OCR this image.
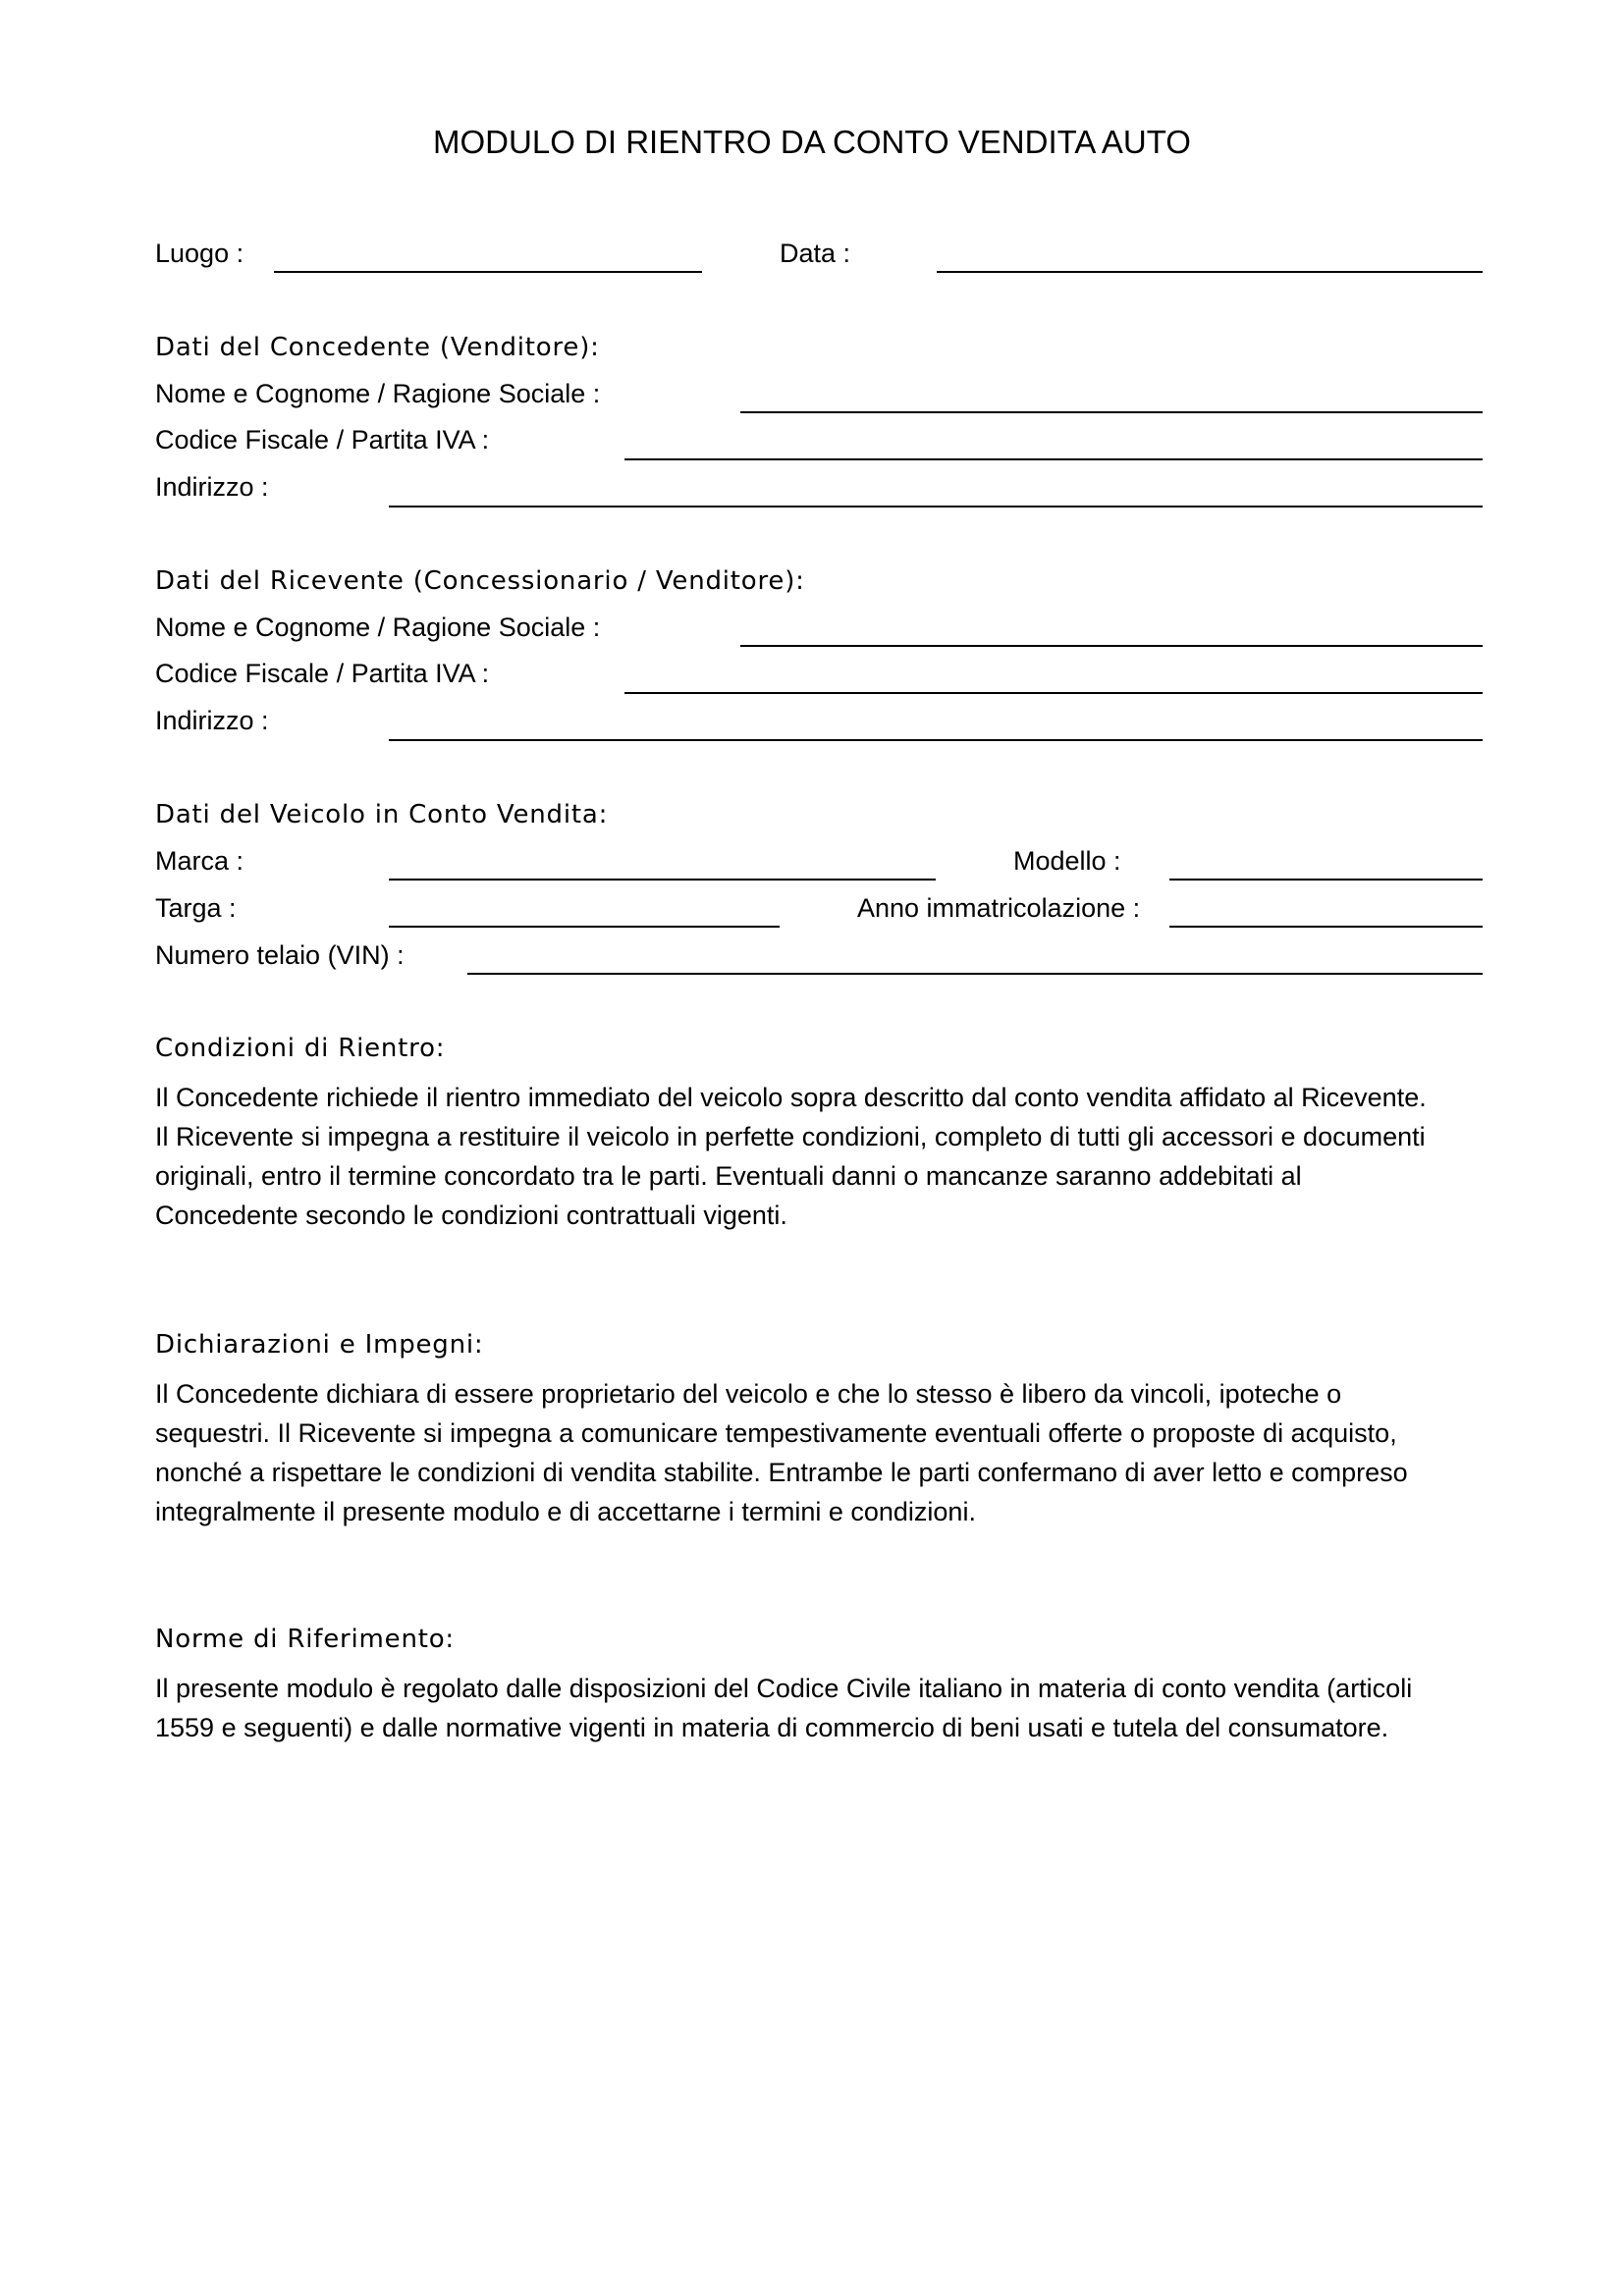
MODULO DI RIENTRO DA CONTO VENDITA AUTO
Luogo :	Data :
Dati del Concedente (Venditore):
Nome e Cognome / Ragione Sociale :
Codice Fiscale / Partita IVA :
Indirizzo :
Dati del Ricevente (Concessionario / Venditore):
Nome e Cognome / Ragione Sociale :
Codice Fiscale / Partita IVA :
Indirizzo :
Dati del Veicolo in Conto Vendita:
Marca :	Modello :
Targa :	Anno immatricolazione :
Numero telaio (VIN) :
Condizioni di Rientro:
Il Concedente richiede il rientro immediato del veicolo sopra descritto dal conto vendita affidato al Ricevente.
Il Ricevente si impegna a restituire il veicolo in perfette condizioni, completo di tutti gli accessori e documenti
originali, entro il termine concordato tra le parti. Eventuali danni o mancanze saranno addebitati al
Concedente secondo le condizioni contrattuali vigenti.
Dichiarazioni e Impegni:
Il Concedente dichiara di essere proprietario del veicolo e che lo stesso è libero da vincoli, ipoteche o
sequestri. Il Ricevente si impegna a comunicare tempestivamente eventuali offerte o proposte di acquisto,
nonché a rispettare le condizioni di vendita stabilite. Entrambe le parti confermano di aver letto e compreso
integralmente il presente modulo e di accettarne i termini e condizioni.
Norme di Riferimento:
Il presente modulo è regolato dalle disposizioni del Codice Civile italiano in materia di conto vendita (articoli
1559 e seguenti) e dalle normative vigenti in materia di commercio di beni usati e tutela del consumatore.
